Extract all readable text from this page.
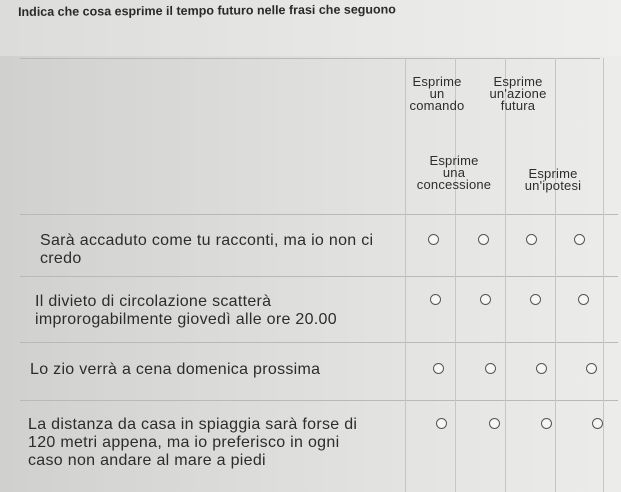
Indica che cosa esprime il tempo futuro nelle frasi che seguono
Esprime
un
comando
Esprime
un'azione
futura
Esprime
una
concessione
Esprime
un'ipotesi
Sarà accaduto come tu racconti, ma io non ci
credo
Il divieto di circolazione scatterà
improrogabilmente giovedì alle ore 20.00
Lo zio verrà a cena domenica prossima
La distanza da casa in spiaggia sarà forse di
120 metri appena, ma io preferisco in ogni
caso non andare al mare a piedi
